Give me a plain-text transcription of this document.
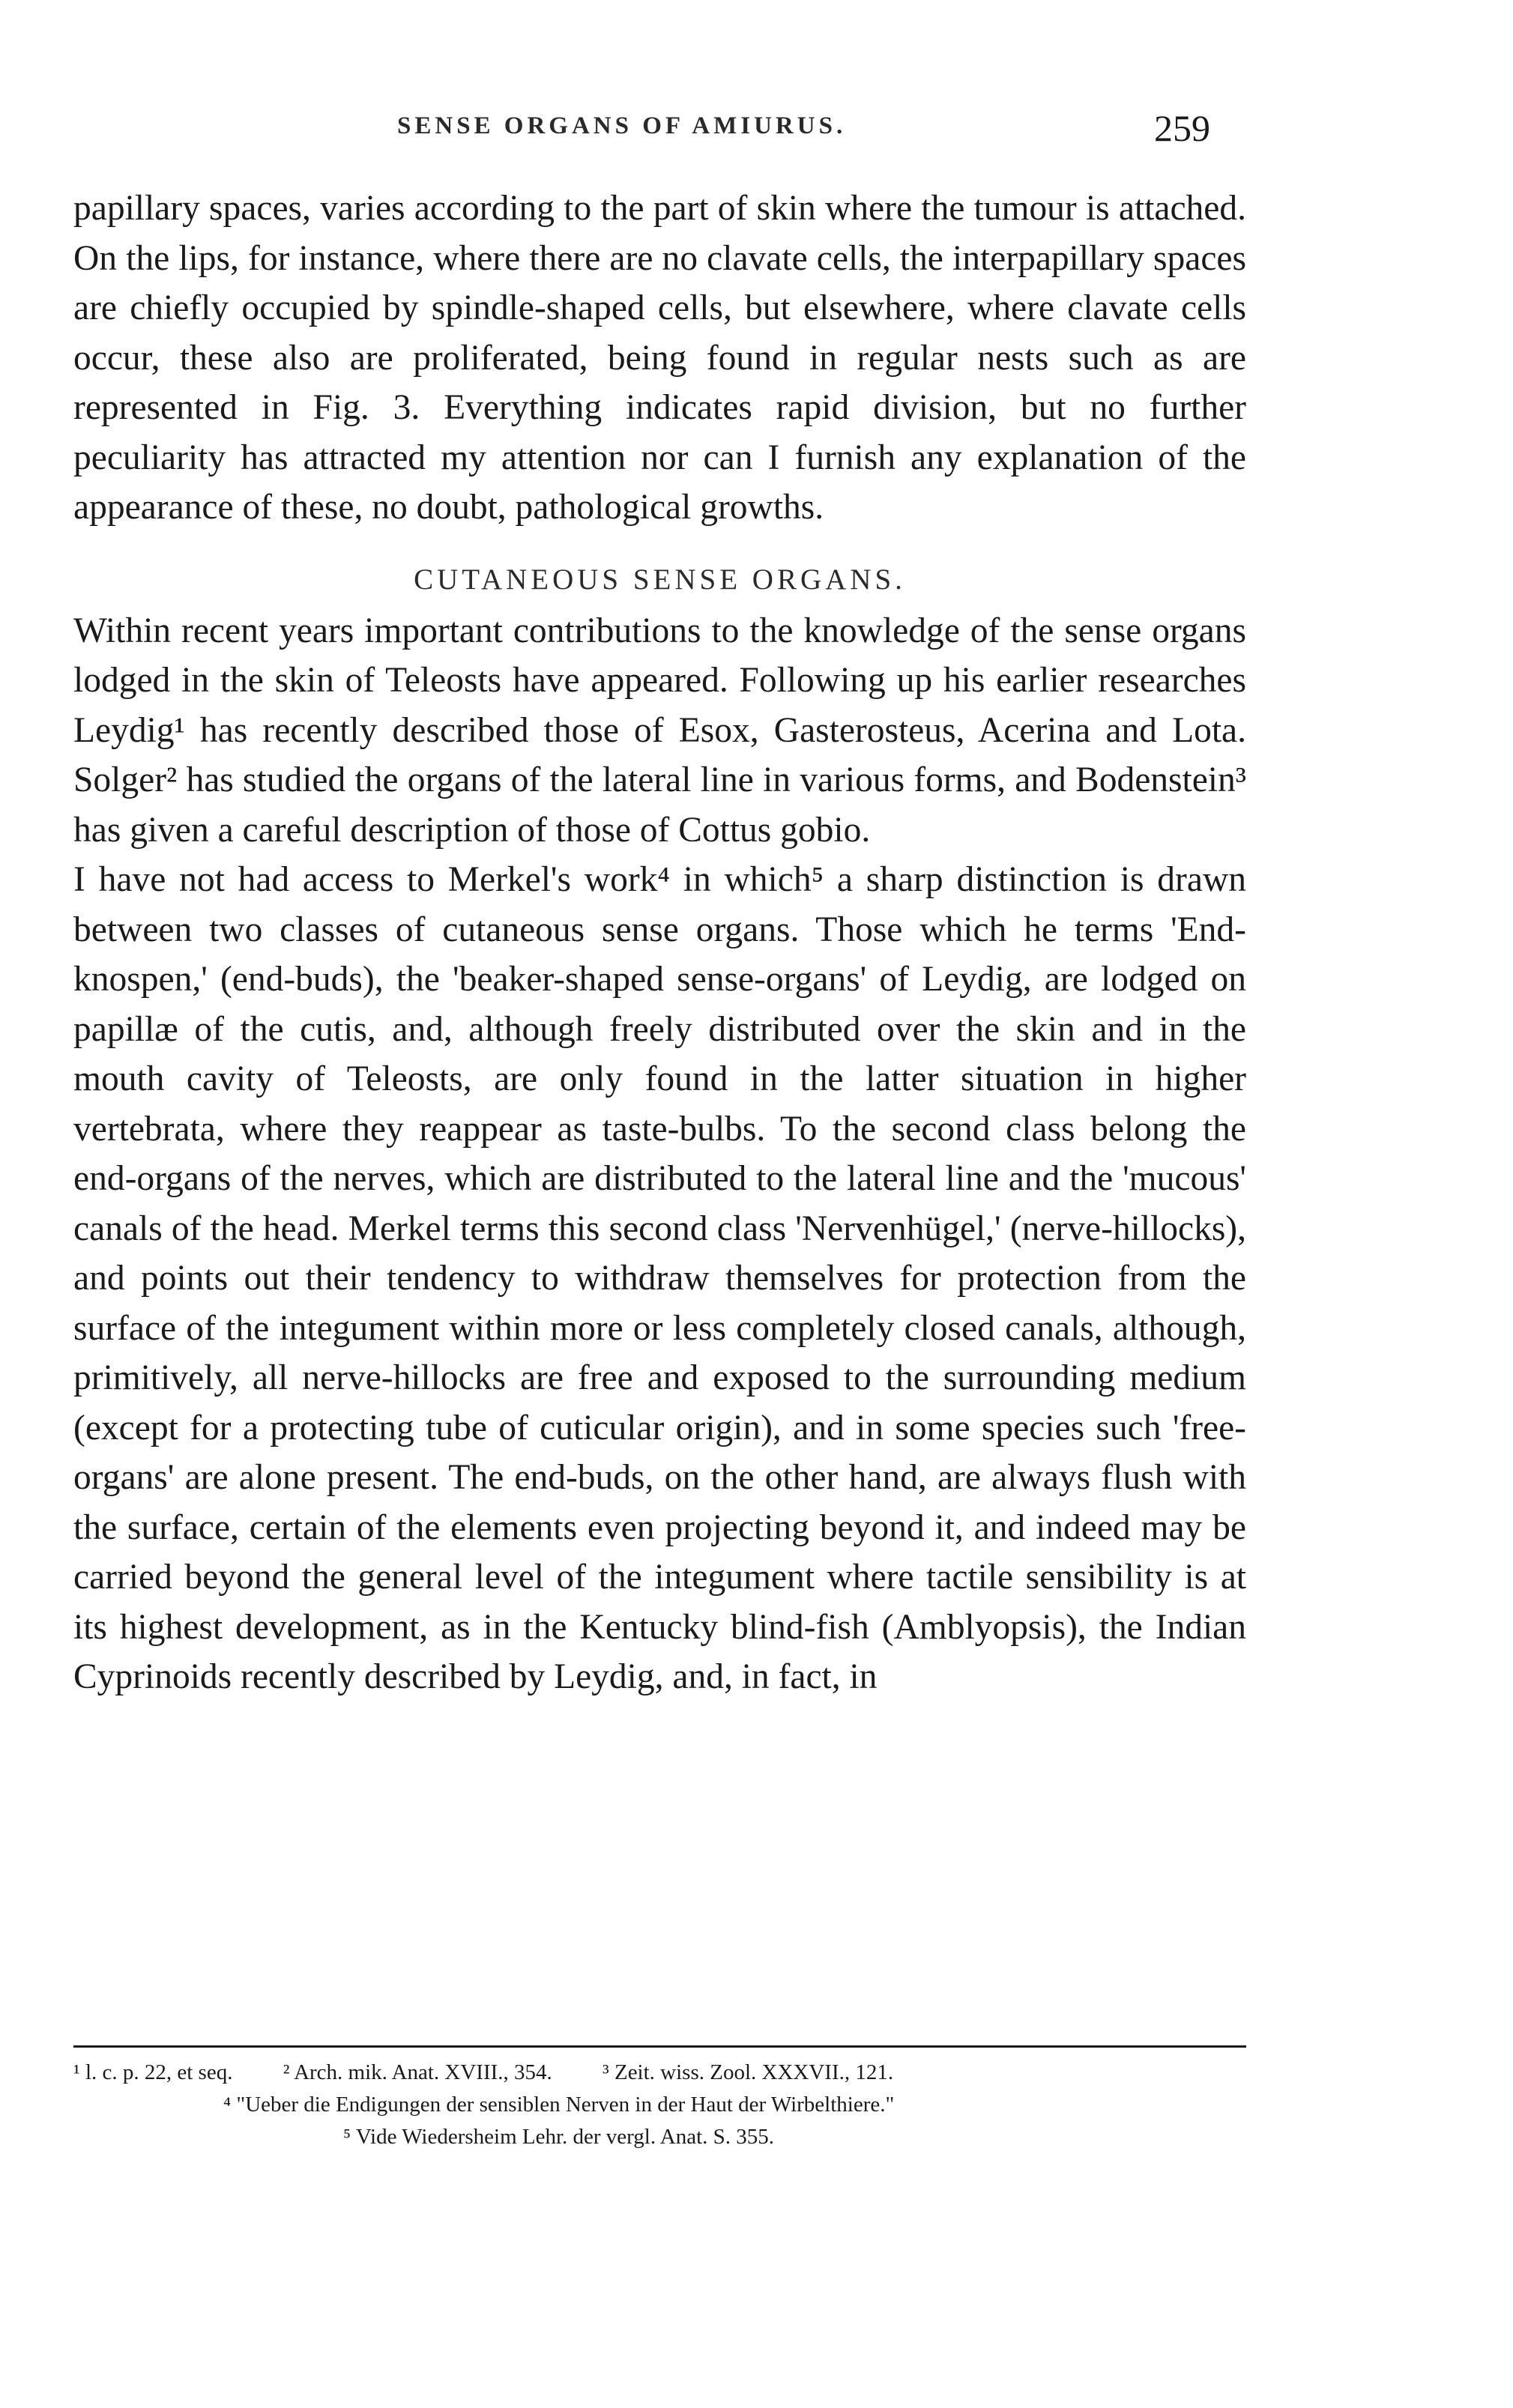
SENSE ORGANS OF AMIURUS.	259

papillary spaces, varies according to the part of skin where the tumour is attached. On the lips, for instance, where there are no clavate cells, the interpapillary spaces are chiefly occupied by spindle-shaped cells, but elsewhere, where clavate cells occur, these also are proliferated, being found in regular nests such as are represented in Fig. 3. Everything indicates rapid division, but no further peculiarity has attracted my attention nor can I furnish any explanation of the appearance of these, no doubt, pathological growths.

CUTANEOUS SENSE ORGANS.

Within recent years important contributions to the knowledge of the sense organs lodged in the skin of Teleosts have appeared. Following up his earlier researches Leydig¹ has recently described those of Esox, Gasterosteus, Acerina and Lota. Solger² has studied the organs of the lateral line in various forms, and Bodenstein³ has given a careful description of those of Cottus gobio.

I have not had access to Merkel's work⁴ in which⁵ a sharp distinction is drawn between two classes of cutaneous sense organs. Those which he terms 'End-knospen,' (end-buds), the 'beaker-shaped sense-organs' of Leydig, are lodged on papillæ of the cutis, and, although freely distributed over the skin and in the mouth cavity of Teleosts, are only found in the latter situation in higher vertebrata, where they reappear as taste-bulbs. To the second class belong the end-organs of the nerves, which are distributed to the lateral line and the 'mucous' canals of the head. Merkel terms this second class 'Nervenhügel,' (nerve-hillocks), and points out their tendency to withdraw themselves for protection from the surface of the integument within more or less completely closed canals, although, primitively, all nerve-hillocks are free and exposed to the surrounding medium (except for a protecting tube of cuticular origin), and in some species such 'free-organs' are alone present. The end-buds, on the other hand, are always flush with the surface, certain of the elements even projecting beyond it, and indeed may be carried beyond the general level of the integument where tactile sensibility is at its highest development, as in the Kentucky blind-fish (Amblyopsis), the Indian Cyprinoids recently described by Leydig, and, in fact, in

¹ l. c. p. 22, et seq. ² Arch. mik. Anat. XVIII., 354. ³ Zeit. wiss. Zool. XXXVII., 121.
⁴ "Ueber die Endigungen der sensiblen Nerven in der Haut der Wirbelthiere."
⁵ Vide Wiedersheim Lehr. der vergl. Anat. S. 355.
